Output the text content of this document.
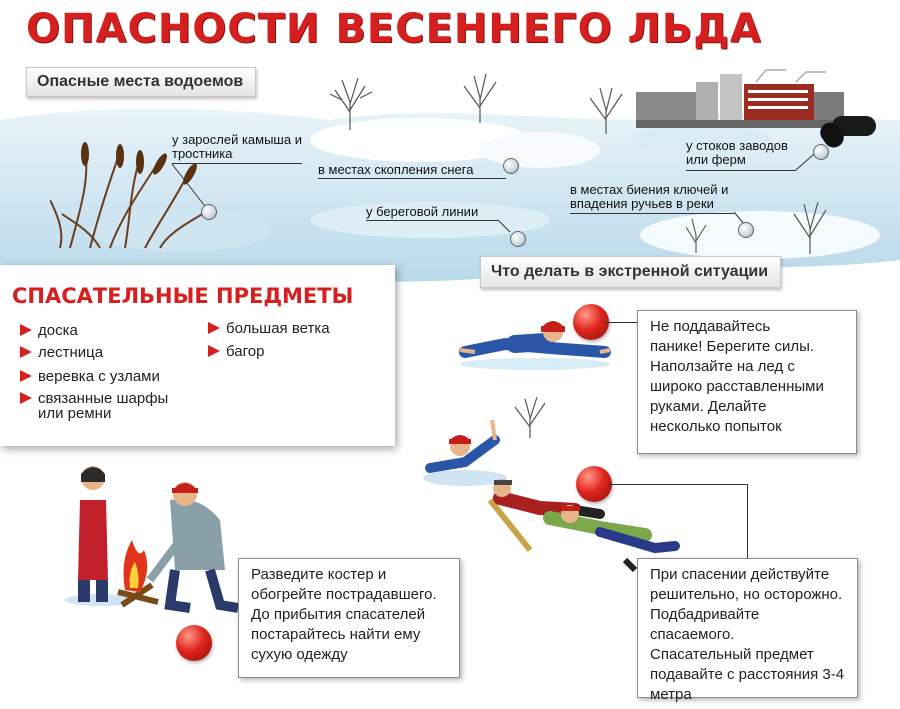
ОПАСНОСТИ ВЕСЕННЕГО ЛЬДА
Опасные места водоемов
у зарослей камыша и
тростника
в местах скопления снега
у береговой линии
у стоков заводов
или ферм
в местах биения ключей и
впадения ручьев в реки
Что делать в экстренной ситуации
СПАСАТЕЛЬНЫЕ ПРЕДМЕТЫ
доска
лестница
веревка с узлами
связанные шарфы
или ремни
большая ветка
багор
Не поддавайтесь
панике! Берегите силы.
Наползайте на лед с
широко расставленными
руками. Делайте
несколько попыток
При спасении действуйте
решительно, но осторожно.
Подбадривайте спасаемого.
Спасательный предмет
подавайте с расстояния 3-4
метра
Разведите костер и
обогрейте пострадавшего.
До прибытия спасателей
постарайтесь найти ему
сухую одежду
